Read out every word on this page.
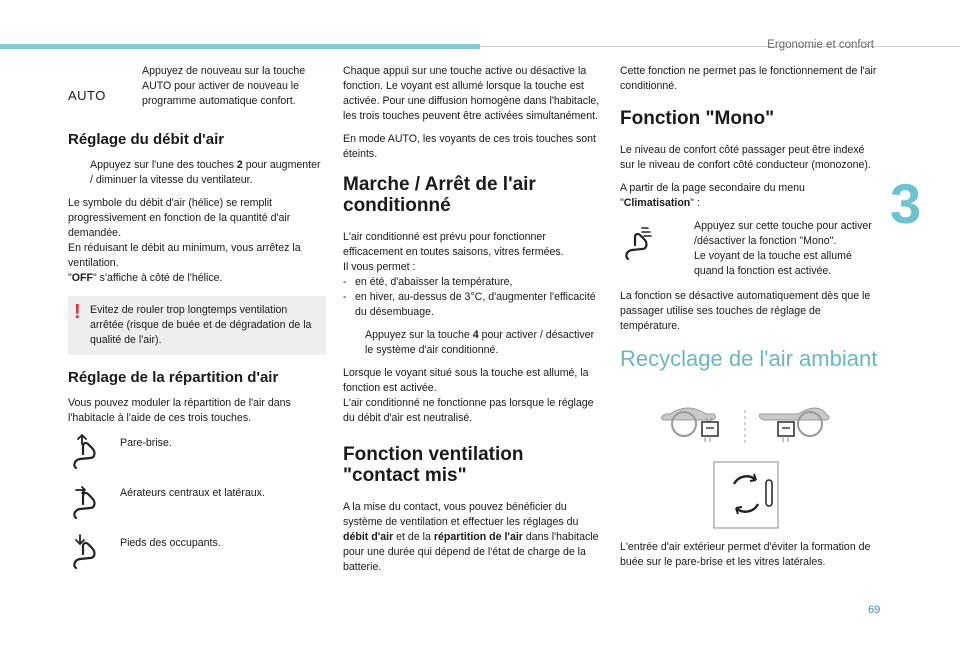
Ergonomie et confort
3
69
AUTO
Appuyez de nouveau sur la touche AUTO pour activer de nouveau le programme automatique confort.
Réglage du débit d'air
Appuyez sur l'une des touches 2 pour augmenter / diminuer la vitesse du ventilateur.

Le symbole du débit d'air (hélice) se remplit progressivement en fonction de la quantité d'air demandée.

En réduisant le débit au minimum, vous arrêtez la ventilation.

"OFF" s'affiche à côté de l'hélice.

! Evitez de rouler trop longtemps ventilation arrêtée (risque de buée et de dégradation de la qualité de l'air).

Réglage de la répartition d'air

Vous pouvez moduler la répartition de l'air dans l'habitacle à l'aide de ces trois touches.

Pare-brise.
Aérateurs centraux et latéraux.
Pieds des occupants.

Chaque appui sur une touche active ou désactive la fonction. Le voyant est allumé lorsque la touche est activée. Pour une diffusion homogène dans l'habitacle, les trois touches peuvent être activées simultanément.

En mode AUTO, les voyants de ces trois touches sont éteints.

Marche / Arrêt de l'air conditionné

L'air conditionné est prévu pour fonctionner efficacement en toutes saisons, vitres fermées.

Il vous permet :

- en été, d'abaisser la température,
- en hiver, au-dessus de 3°C, d'augmenter l'efficacité du désembuage.
Appuyez sur la touche 4 pour activer / désactiver le système d'air conditionné.

Lorsque le voyant situé sous la touche est allumé, la fonction est activée.

L'air conditionné ne fonctionne pas lorsque le réglage du débit d'air est neutralisé.

Fonction ventilation "contact mis"

A la mise du contact, vous pouvez bénéficier du système de ventilation et effectuer les réglages du débit d'air et de la répartition de l'air dans l'habitacle pour une durée qui dépend de l'état de charge de la batterie.

Cette fonction ne permet pas le fonctionnement de l'air conditionné.

Fonction "Mono"

Le niveau de confort côté passager peut être indexé sur le niveau de confort côté conducteur (monozone).

A partir de la page secondaire du menu "Climatisation" :

Appuyez sur cette touche pour activer /désactiver la fonction "Mono".
Le voyant de la touche est allumé quand la fonction est activée.

La fonction se désactive automatiquement dès que le passager utilise ses touches de réglage de température.

Recyclage de l'air ambiant

L'entrée d'air extérieur permet d'éviter la formation de buée sur le pare-brise et les vitres latérales.
